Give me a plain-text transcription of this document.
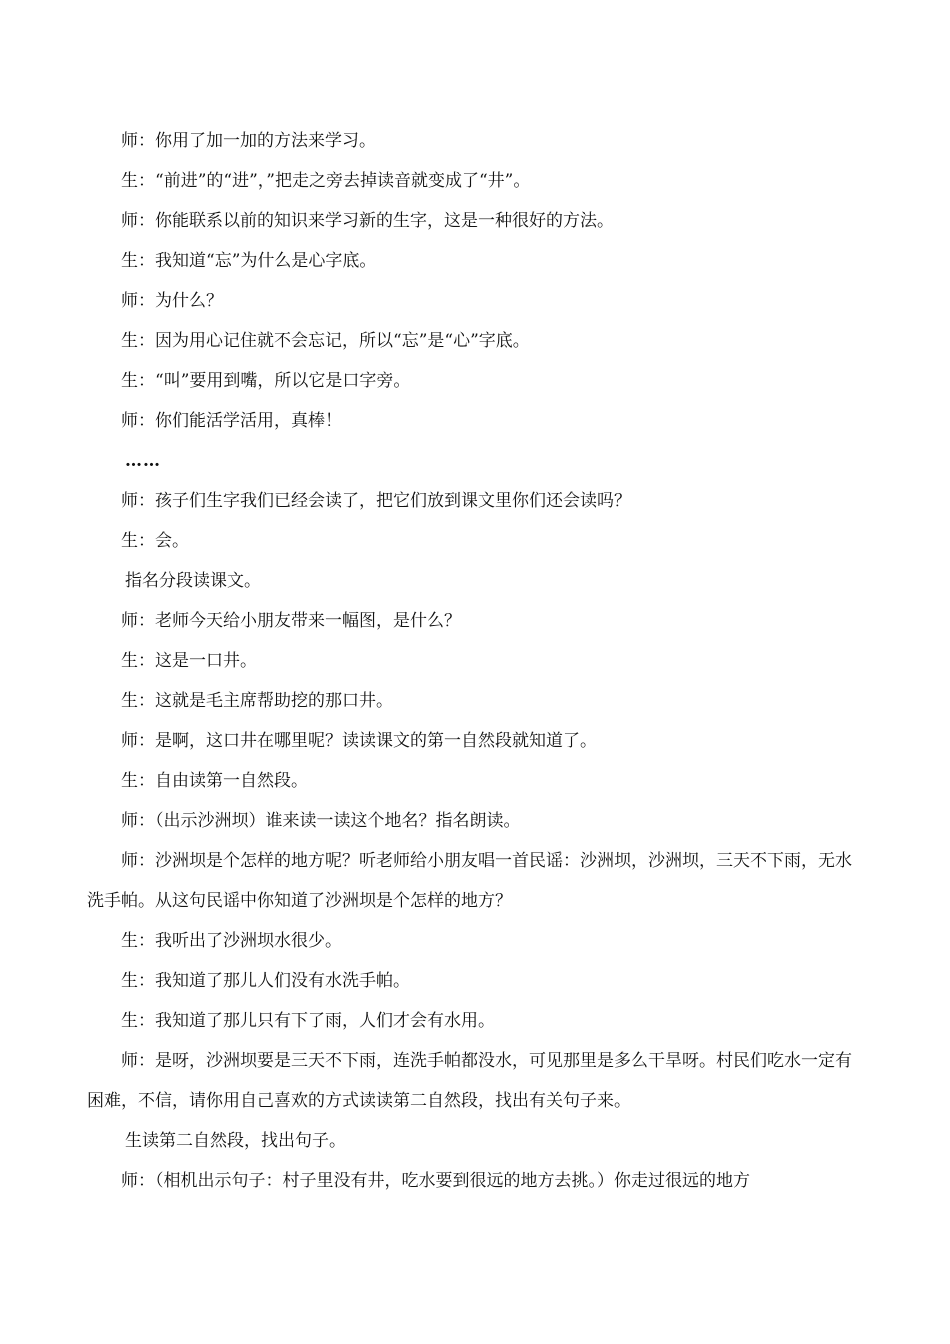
师：你用了加一加的方法来学习。

生：“前进”的“进”，”把走之旁去掉读音就变成了“井”。

师：你能联系以前的知识来学习新的生字，这是一种很好的方法。

生：我知道“忘”为什么是心字底。

师：为什么？

生：因为用心记住就不会忘记，所以“忘”是“心”字底。

生：“叫”要用到嘴，所以它是口字旁。

师：你们能活学活用，真棒！

……

师：孩子们生字我们已经会读了，把它们放到课文里你们还会读吗？

生：会。

指名分段读课文。

师：老师今天给小朋友带来一幅图，是什么？

生：这是一口井。

生：这就是毛主席帮助挖的那口井。

师：是啊，这口井在哪里呢？读读课文的第一自然段就知道了。

生：自由读第一自然段。

师：（出示沙洲坝）谁来读一读这个地名？指名朗读。

师：沙洲坝是个怎样的地方呢？听老师给小朋友唱一首民谣：沙洲坝，沙洲坝，三天不下雨，无水洗手帕。从这句民谣中你知道了沙洲坝是个怎样的地方？

生：我听出了沙洲坝水很少。

生：我知道了那儿人们没有水洗手帕。

生：我知道了那儿只有下了雨，人们才会有水用。

师：是呀，沙洲坝要是三天不下雨，连洗手帕都没水，可见那里是多么干旱呀。村民们吃水一定有困难，不信，请你用自己喜欢的方式读读第二自然段，找出有关句子来。

生读第二自然段，找出句子。

师：（相机出示句子：村子里没有井，吃水要到很远的地方去挑。）你走过很远的地方
